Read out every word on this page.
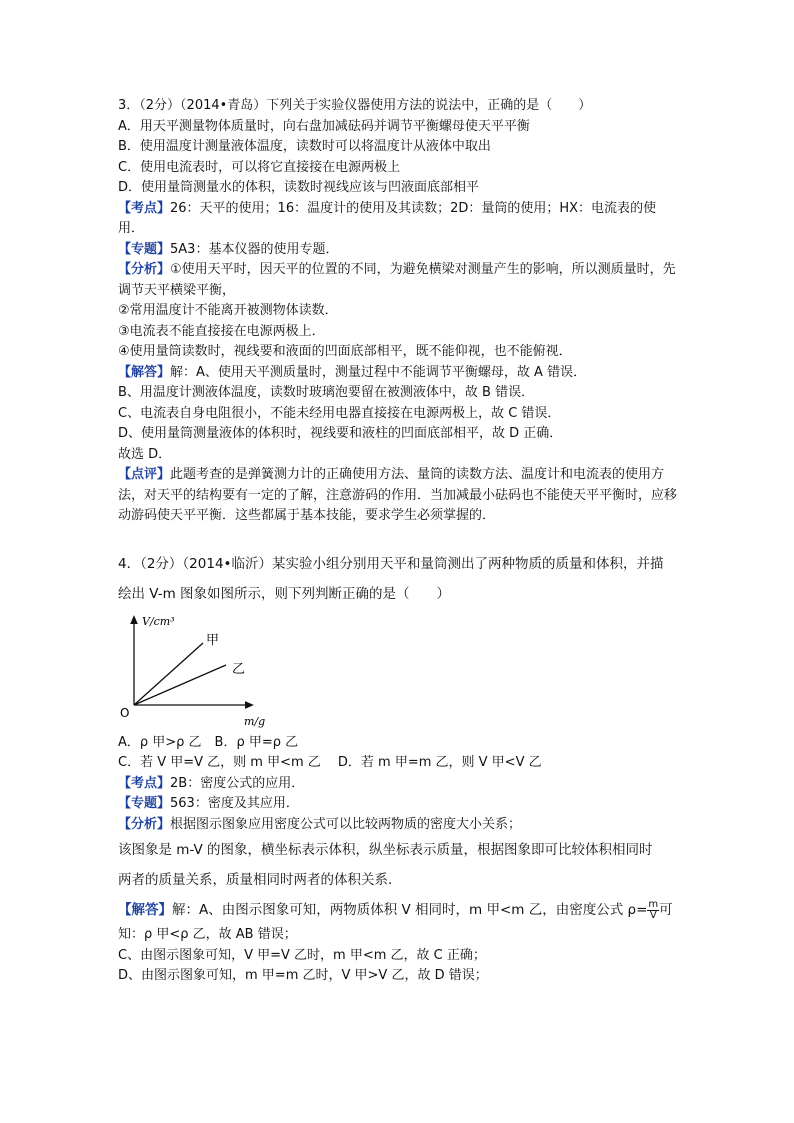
3．（2分）（2014•青岛）下列关于实验仪器使用方法的说法中，正确的是（　　）
A．用天平测量物体质量时，向右盘加减砝码并调节平衡螺母使天平平衡
B．使用温度计测量液体温度，读数时可以将温度计从液体中取出
C．使用电流表时，可以将它直接接在电源两极上
D．使用量筒测量水的体积，读数时视线应该与凹液面底部相平
【考点】26：天平的使用；16：温度计的使用及其读数；2D：量筒的使用；HX：电流表的使用．
【专题】5A3：基本仪器的使用专题．
【分析】①使用天平时，因天平的位置的不同，为避免横梁对测量产生的影响，所以测质量时，先调节天平横梁平衡，
②常用温度计不能离开被测物体读数．
③电流表不能直接接在电源两极上．
④使用量筒读数时，视线要和液面的凹面底部相平，既不能仰视，也不能俯视．
【解答】解：A、使用天平测质量时，测量过程中不能调节平衡螺母，故 A 错误．
B、用温度计测液体温度，读数时玻璃泡要留在被测液体中，故 B 错误．
C、电流表自身电阻很小，不能未经用电器直接接在电源两极上，故 C 错误．
D、使用量筒测量液体的体积时，视线要和液柱的凹面底部相平，故 D 正确．
故选 D．
【点评】此题考查的是弹簧测力计的正确使用方法、量筒的读数方法、温度计和电流表的使用方法，对天平的结构要有一定的了解，注意游码的作用．当加减最小砝码也不能使天平平衡时，应移动游码使天平平衡．这些都属于基本技能，要求学生必须掌握的．
4．（2分）（2014•临沂）某实验小组分别用天平和量筒测出了两种物质的质量和体积，并描
绘出 V-m 图象如图所示，则下列判断正确的是（　　）
V/cm³
m/g
O
甲
乙
A．ρ 甲>ρ 乙　B．ρ 甲=ρ 乙
C．若 V 甲=V 乙，则 m 甲<m 乙　 D．若 m 甲=m 乙，则 V 甲<V 乙
【考点】2B：密度公式的应用．
【专题】563：密度及其应用．
【分析】根据图示图象应用密度公式可以比较两物质的密度大小关系；
该图象是 m-V 的图象，横坐标表示体积，纵坐标表示质量，根据图象即可比较体积相同时
两者的质量关系，质量相同时两者的体积关系．
【解答】解：A、由图示图象可知，两物质体积 V 相同时，m 甲<m 乙，由密度公式 $\rho= \frac{m}{V}$ 可
知：ρ 甲<ρ 乙，故 AB 错误；
C、由图示图象可知，V 甲=V 乙时，m 甲<m 乙，故 C 正确；
D、由图示图象可知，m 甲=m 乙时，V 甲>V 乙，故 D 错误；
